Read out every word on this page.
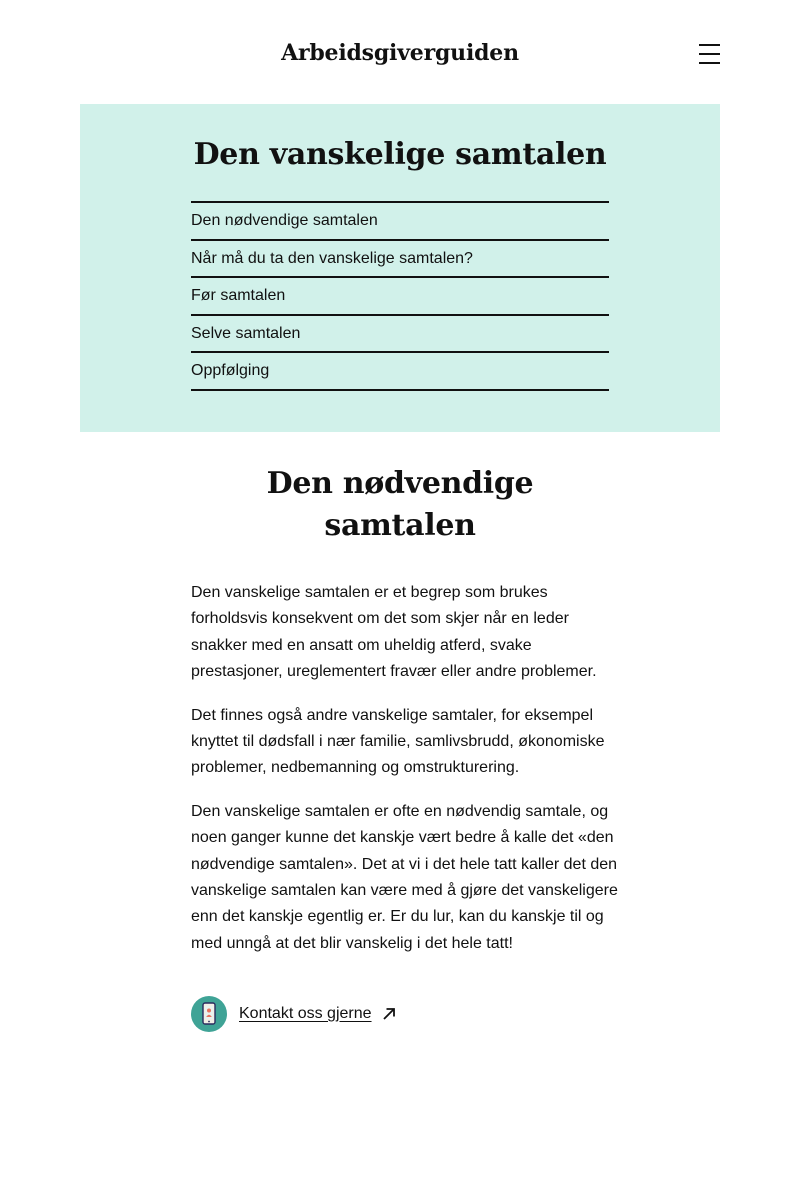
Arbeidsgiverguiden
Den vanskelige samtalen
Den nødvendige samtalen
Når må du ta den vanskelige samtalen?
Før samtalen
Selve samtalen
Oppfølging
Den nødvendige samtalen

Den vanskelige samtalen er et begrep som brukes forholdsvis konsekvent om det som skjer når en leder snakker med en ansatt om uheldig atferd, svake prestasjoner, ureglementert fravær eller andre problemer.

Det finnes også andre vanskelige samtaler, for eksempel knyttet til dødsfall i nær familie, samlivsbrudd, økonomiske problemer, nedbemanning og omstrukturering.

Den vanskelige samtalen er ofte en nødvendig samtale, og noen ganger kunne det kanskje vært bedre å kalle det «den nødvendige samtalen». Det at vi i det hele tatt kaller det den vanskelige samtalen kan være med å gjøre det vanskeligere enn det kanskje egentlig er. Er du lur, kan du kanskje til og med unngå at det blir vanskelig i det hele tatt!

Kontakt oss gjerne
